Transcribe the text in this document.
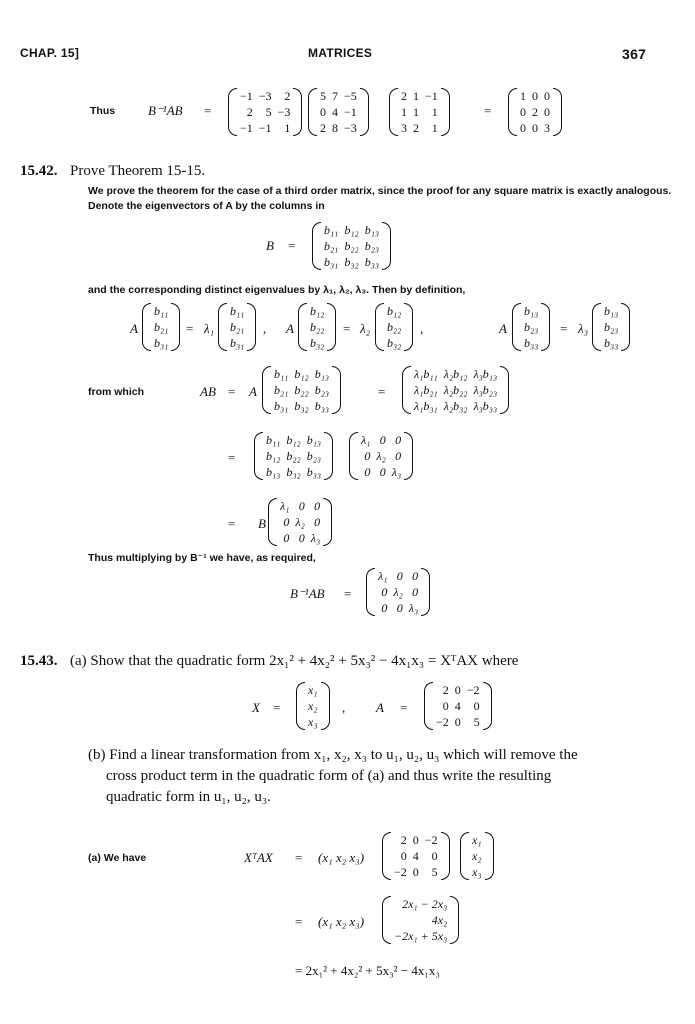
CHAP. 15]	MATRICES	367
Thus	B⁻¹AB =
−1	−3	2
2	5	−3
−1	−1	1
5	7	−5
0	4	−1
2	8	−3
2	1	−1
1	1	1
3	2	1
=
1	0	0
0	2	0
0	0	3
15.42. Prove Theorem 15-15.
We prove the theorem for the case of a third order matrix, since the proof for any square matrix is exactly analogous. Denote the eigenvectors of A by the columns in
B =
b₁₁	b₁₂	b₁₃
b₂₁	b₂₂	b₂₃
b₃₁	b₃₂	b₃₃
and the corresponding distinct eigenvalues by λ₁, λ₂, λ₃. Then by definition,
A
b₁₁
b₂₁
b₃₁
= λ₁
b₁₁
b₂₁
b₃₁
, A
b₁₂
b₂₂
b₃₂
= λ₂
b₁₂
b₂₂
b₃₂
,	A
b₁₃
b₂₃
b₃₃
= λ₃
b₁₃
b₂₃
b₃₃
from which	AB = A
b₁₁	b₁₂	b₁₃
b₂₁	b₂₂	b₂₃
b₃₁	b₃₂	b₃₃
=
λ₁b₁₁	λ₂b₁₂	λ₃b₁₃
λ₁b₂₁	λ₂b₂₂	λ₃b₂₃
λ₁b₃₁	λ₂b₃₂	λ₃b₃₃
=
b₁₁	b₁₂	b₁₃
b₁₂	b₂₂	b₂₃
b₁₃	b₃₂	b₃₃
λ₁	0	0
0	λ₂	0
0	0	λ₃
= B
λ₁	0	0
0	λ₂	0
0	0	λ₃
Thus multiplying by B⁻¹ we have, as required,
B⁻¹AB =
λ₁	0	0
0	λ₂	0
0	0	λ₃
15.43. (a) Show that the quadratic form 2x₁² + 4x₂² + 5x₃² − 4x₁x₃ = XᵀAX where
X =
x₁
x₂
x₃
, A =
2	0	−2
0	4	0
−2	0	5
(b) Find a linear transformation from x₁, x₂, x₃ to u₁, u₂, u₃ which will remove the
cross product term in the quadratic form of (a) and thus write the resulting
quadratic form in u₁, u₂, u₃.
(a) We have	XᵀAX = (x₁ x₂ x₃)
2	0	−2
0	4	0
−2	0	5
x₁
x₂
x₃
= (x₁ x₂ x₃)
2x₁ − 2x₃
4x₂
−2x₁ + 5x₃
= 2x₁² + 4x₂² + 5x₃² − 4x₁x₃
